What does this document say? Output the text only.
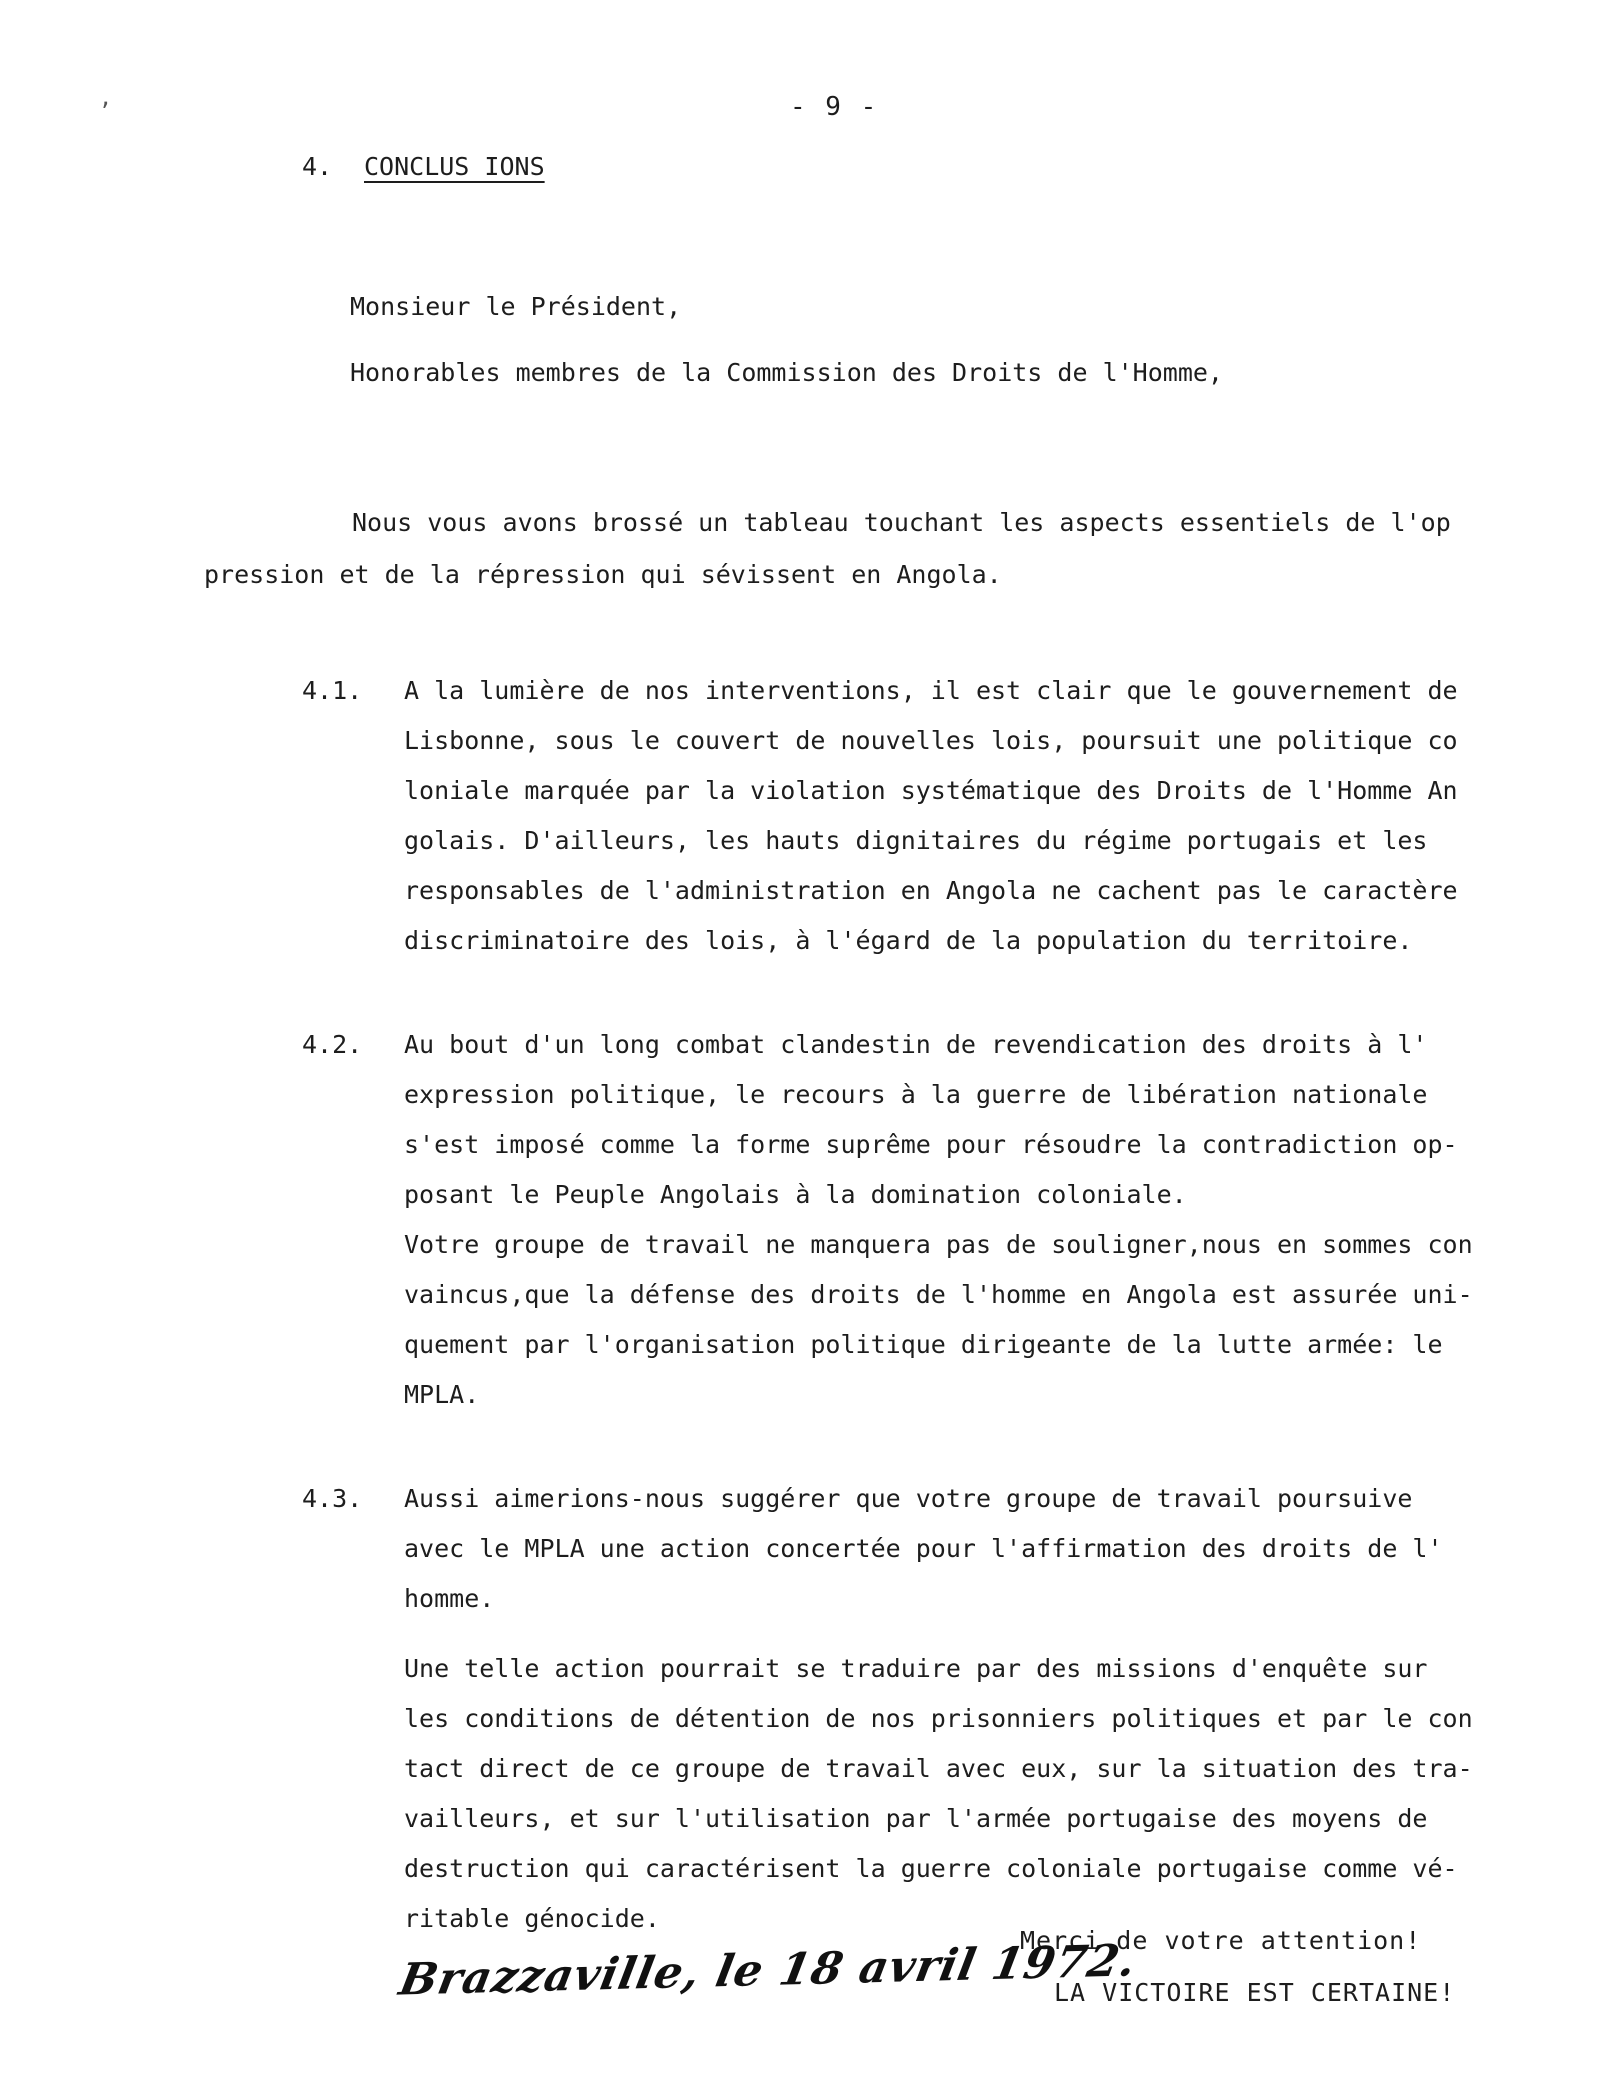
,	- 9 -
4. CONCLUS IONS
Monsieur le Président,
Honorables membres de la Commission des Droits de l'Homme,
Nous vous avons brossé un tableau touchant les aspects essentiels de l'op
pression et de la répression qui sévissent en Angola.
4.1. A la lumière de nos interventions, il est clair que le gouvernement de
Lisbonne, sous le couvert de nouvelles lois, poursuit une politique co
loniale marquée par la violation systématique des Droits de l'Homme An
golais. D'ailleurs, les hauts dignitaires du régime portugais et les
responsables de l'administration en Angola ne cachent pas le caractère
discriminatoire des lois, à l'égard de la population du territoire.
4.2. Au bout d'un long combat clandestin de revendication des droits à l'
expression politique, le recours à la guerre de libération nationale
s'est imposé comme la forme suprême pour résoudre la contradiction op-
posant le Peuple Angolais à la domination coloniale.
Votre groupe de travail ne manquera pas de souligner,nous en sommes con
vaincus,que la défense des droits de l'homme en Angola est assurée uni-
quement par l'organisation politique dirigeante de la lutte armée: le
MPLA.
4.3. Aussi aimerions-nous suggérer que votre groupe de travail poursuive
avec le MPLA une action concertée pour l'affirmation des droits de l'
homme.
Une telle action pourrait se traduire par des missions d'enquête sur
les conditions de détention de nos prisonniers politiques et par le con
tact direct de ce groupe de travail avec eux, sur la situation des tra-
vailleurs, et sur l'utilisation par l'armée portugaise des moyens de
destruction qui caractérisent la guerre coloniale portugaise comme vé-
ritable génocide.
Merci de votre attention!
LA VICTOIRE EST CERTAINE!
Brazzaville, le 18 avril 1972.
